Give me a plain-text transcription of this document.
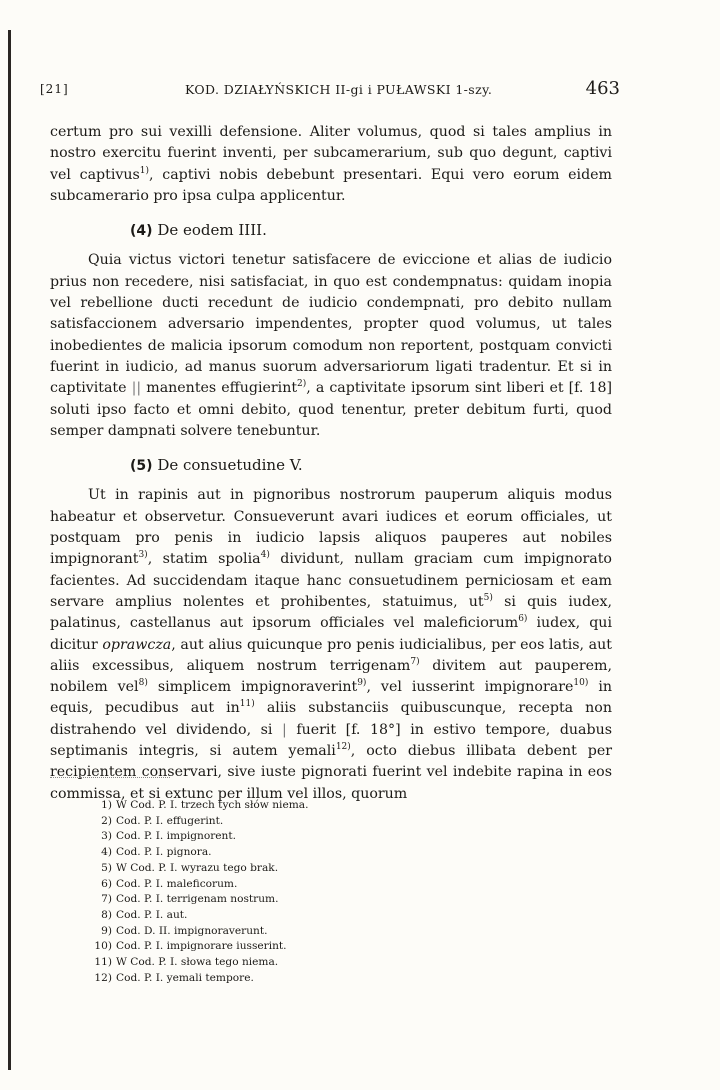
[21]	KOD. DZIAŁYŃSKICH II-gi i PUŁAWSKI 1-szy.	463

certum pro sui vexilli defensione. Aliter volumus, quod si tales amplius in nostro exercitu fuerint inventi, per subcamerarium, sub quo degunt, captivi vel captivus$^{1)}$, captivi nobis debebunt presentari. Equi vero eorum eidem subcamerario pro ipsa culpa applicentur.

(4) De eodem IIII.

Quia victus victori tenetur satisfacere de eviccione et alias de iudicio prius non recedere, nisi satisfaciat, in quo est condempnatus: quidam inopia vel rebellione ducti recedunt de iudicio condempnati, pro debito nullam satisfaccionem adversario impendentes, propter quod volumus, ut tales inobedientes de malicia ipsorum comodum non reportent, postquam convicti fuerint in iudicio, ad manus suorum adversariorum ligati tradentur. Et si in captivitate || manentes effugierint$^{2)}$, a captivitate ipsorum sint liberi et [f. 18] soluti ipso facto et omni debito, quod tenentur, preter debitum furti, quod semper dampnati solvere tenebuntur.

(5) De consuetudine V.

Ut in rapinis aut in pignoribus nostrorum pauperum aliquis modus habeatur et observetur. Consueverunt avari iudices et eorum officiales, ut postquam pro penis in iudicio lapsis aliquos pauperes aut nobiles impignorant$^{3)}$, statim spolia$^{4)}$ dividunt, nullam graciam cum impignorato facientes. Ad succidendam itaque hanc consuetudinem perniciosam et eam servare amplius nolentes et prohibentes, statuimus, $ut^{5)}$ si quis iudex, palatinus, castellanus aut ipsorum officiales vel maleficiorum$^{6)}$ iudex, qui dicitur oprawcza, aut alius quicunque pro penis iudicialibus, per eos latis, aut aliis excessibus, aliquem nostrum terrigenam$^{7)}$ divitem aut pauperem, nobilem vel$^{8)}$ simplicem impignoraverint$^{9)}$, vel iusserint impignorare$^{10)}$ in equis, pecudibus aut $in^{11)}$ aliis substanciis quibuscunque, recepta non distrahendo vel dividendo, si | fuerit [f. 18°] in estivo tempore, duabus septimanis integris, si autem yemali$^{12)}$, octo diebus illibata debent per recipientem conservari, sive iuste pignorati fuerint vel indebite rapina in eos commissa, et si extunc per illum vel illos, quorum

1) W Cod. P. I. trzech tych słów niema.
2) Cod. P. I. effugerint.
3) Cod. P. I. impignorent.
4) Cod. P. I. pignora.
5) W Cod. P. I. wyrazu tego brak.
6) Cod. P. I. maleficorum.
7) Cod. P. I. terrigenam nostrum.
8) Cod. P. I. aut.
9) Cod. D. II. impignoraverunt.
10) Cod. P. I. impignorare iusserint.
11) W Cod. P. I. słowa tego niema.
12) Cod. P. I. yemali tempore.
